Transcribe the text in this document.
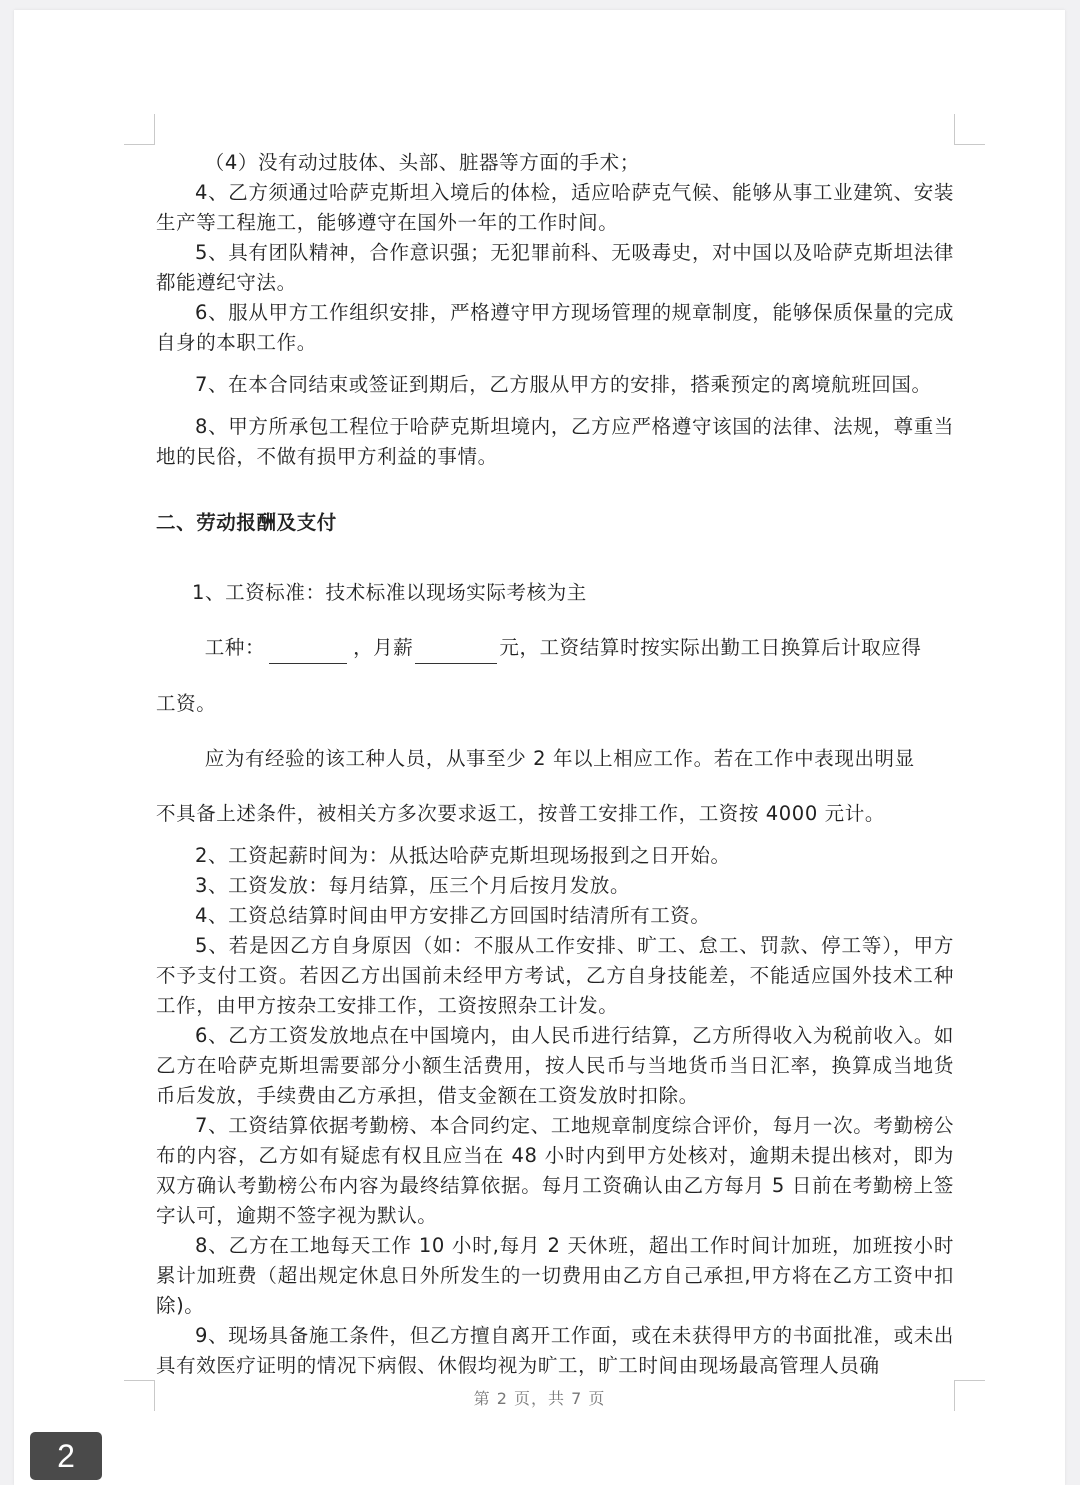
（4）没有动过肢体、头部、脏器等方面的手术；

4、乙方须通过哈萨克斯坦入境后的体检，适应哈萨克气候、能够从事工业建筑、安装生产等工程施工，能够遵守在国外一年的工作时间。

5、具有团队精神，合作意识强；无犯罪前科、无吸毒史，对中国以及哈萨克斯坦法律都能遵纪守法。

6、服从甲方工作组织安排，严格遵守甲方现场管理的规章制度，能够保质保量的完成自身的本职工作。

7、在本合同结束或签证到期后，乙方服从甲方的安排，搭乘预定的离境航班回国。

8、甲方所承包工程位于哈萨克斯坦境内，乙方应严格遵守该国的法律、法规，尊重当地的民俗，不做有损甲方利益的事情。

二、劳动报酬及支付

1、工资标准：技术标准以现场实际考核为主

工种：	，月薪	元，工资结算时按实际出勤工日换算后计取应得

工资。

应为有经验的该工种人员，从事至少 2 年以上相应工作。若在工作中表现出明显

不具备上述条件，被相关方多次要求返工，按普工安排工作，工资按 4000 元计。

2、工资起薪时间为：从抵达哈萨克斯坦现场报到之日开始。

3、工资发放：每月结算，压三个月后按月发放。

4、工资总结算时间由甲方安排乙方回国时结清所有工资。

5、若是因乙方自身原因（如：不服从工作安排、旷工、怠工、罚款、停工等），甲方不予支付工资。若因乙方出国前未经甲方考试，乙方自身技能差，不能适应国外技术工种工作，由甲方按杂工安排工作，工资按照杂工计发。

6、乙方工资发放地点在中国境内，由人民币进行结算，乙方所得收入为税前收入。如乙方在哈萨克斯坦需要部分小额生活费用，按人民币与当地货币当日汇率，换算成当地货币后发放，手续费由乙方承担，借支金额在工资发放时扣除。

7、工资结算依据考勤榜、本合同约定、工地规章制度综合评价，每月一次。考勤榜公布的内容，乙方如有疑虑有权且应当在 48 小时内到甲方处核对，逾期未提出核对，即为双方确认考勤榜公布内容为最终结算依据。每月工资确认由乙方每月 5 日前在考勤榜上签字认可，逾期不签字视为默认。

8、乙方在工地每天工作 10 小时,每月 2 天休班，超出工作时间计加班，加班按小时累计加班费（超出规定休息日外所发生的一切费用由乙方自己承担,甲方将在乙方工资中扣除)。

9、现场具备施工条件，但乙方擅自离开工作面，或在未获得甲方的书面批准，或未出具有效医疗证明的情况下病假、休假均视为旷工，旷工时间由现场最高管理人员确

第 2 页，共 7 页
2
